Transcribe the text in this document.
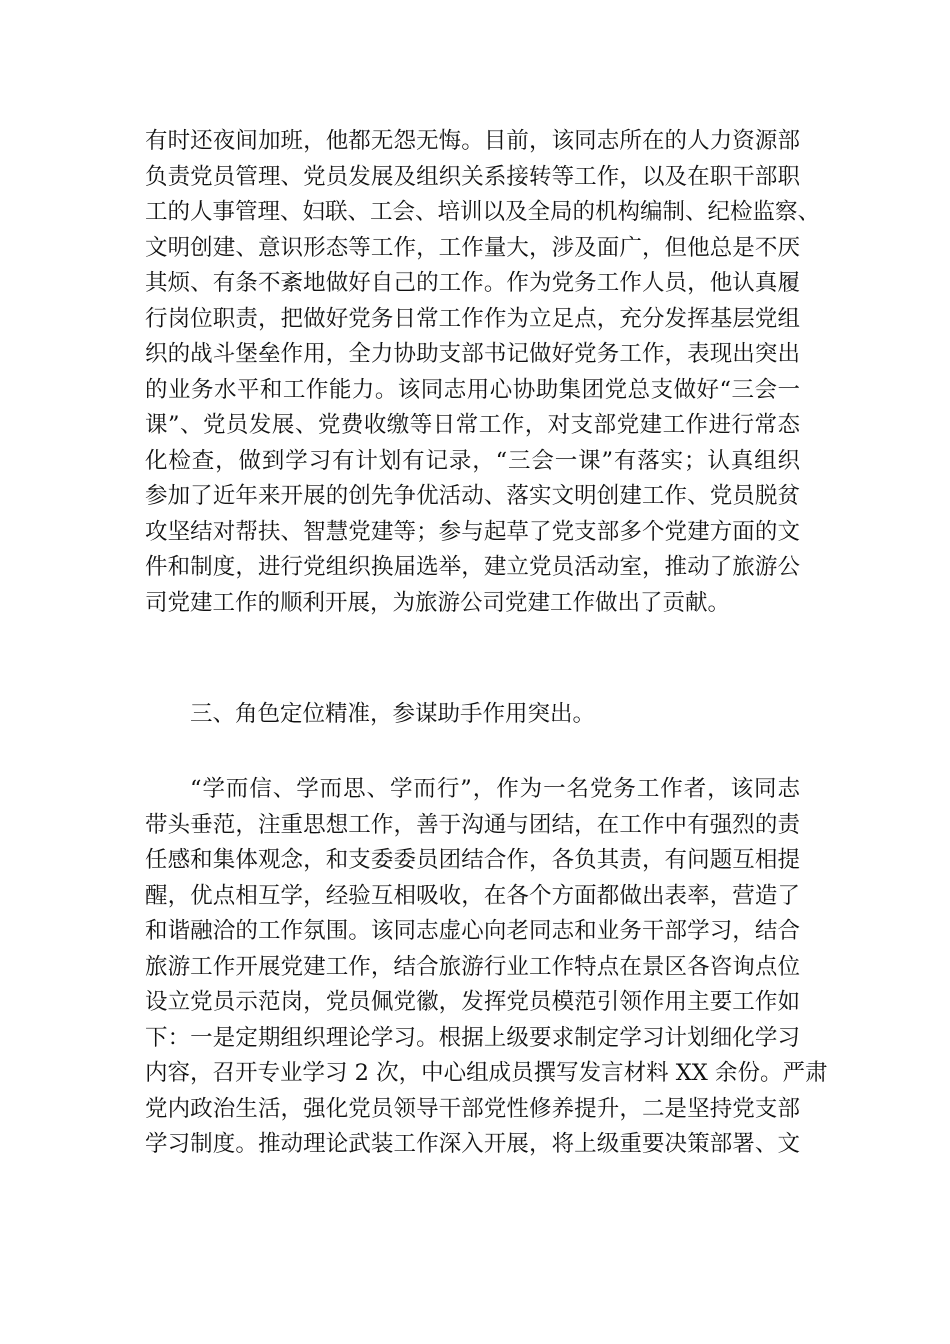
有时还夜间加班，他都无怨无悔。目前，该同志所在的人力资源部
负责党员管理、党员发展及组织关系接转等工作，以及在职干部职
工的人事管理、妇联、工会、培训以及全局的机构编制、纪检监察、
文明创建、意识形态等工作，工作量大，涉及面广，但他总是不厌
其烦、有条不紊地做好自己的工作。作为党务工作人员，他认真履
行岗位职责，把做好党务日常工作作为立足点，充分发挥基层党组
织的战斗堡垒作用，全力协助支部书记做好党务工作，表现出突出
的业务水平和工作能力。该同志用心协助集团党总支做好“三会一
课”、党员发展、党费收缴等日常工作，对支部党建工作进行常态
化检查，做到学习有计划有记录，“三会一课”有落实；认真组织
参加了近年来开展的创先争优活动、落实文明创建工作、党员脱贫
攻坚结对帮扶、智慧党建等；参与起草了党支部多个党建方面的文
件和制度，进行党组织换届选举，建立党员活动室，推动了旅游公
司党建工作的顺利开展，为旅游公司党建工作做出了贡献。
三、角色定位精准，参谋助手作用突出。
“学而信、学而思、学而行”，作为一名党务工作者，该同志
带头垂范，注重思想工作，善于沟通与团结，在工作中有强烈的责
任感和集体观念，和支委委员团结合作，各负其责，有问题互相提
醒，优点相互学，经验互相吸收，在各个方面都做出表率，营造了
和谐融洽的工作氛围。该同志虚心向老同志和业务干部学习，结合
旅游工作开展党建工作，结合旅游行业工作特点在景区各咨询点位
设立党员示范岗，党员佩党徽，发挥党员模范引领作用主要工作如
下：一是定期组织理论学习。根据上级要求制定学习计划细化学习
内容，召开专业学习 2 次，中心组成员撰写发言材料 XX 余份。严肃
党内政治生活，强化党员领导干部党性修养提升，二是坚持党支部
学习制度。推动理论武装工作深入开展，将上级重要决策部署、文
